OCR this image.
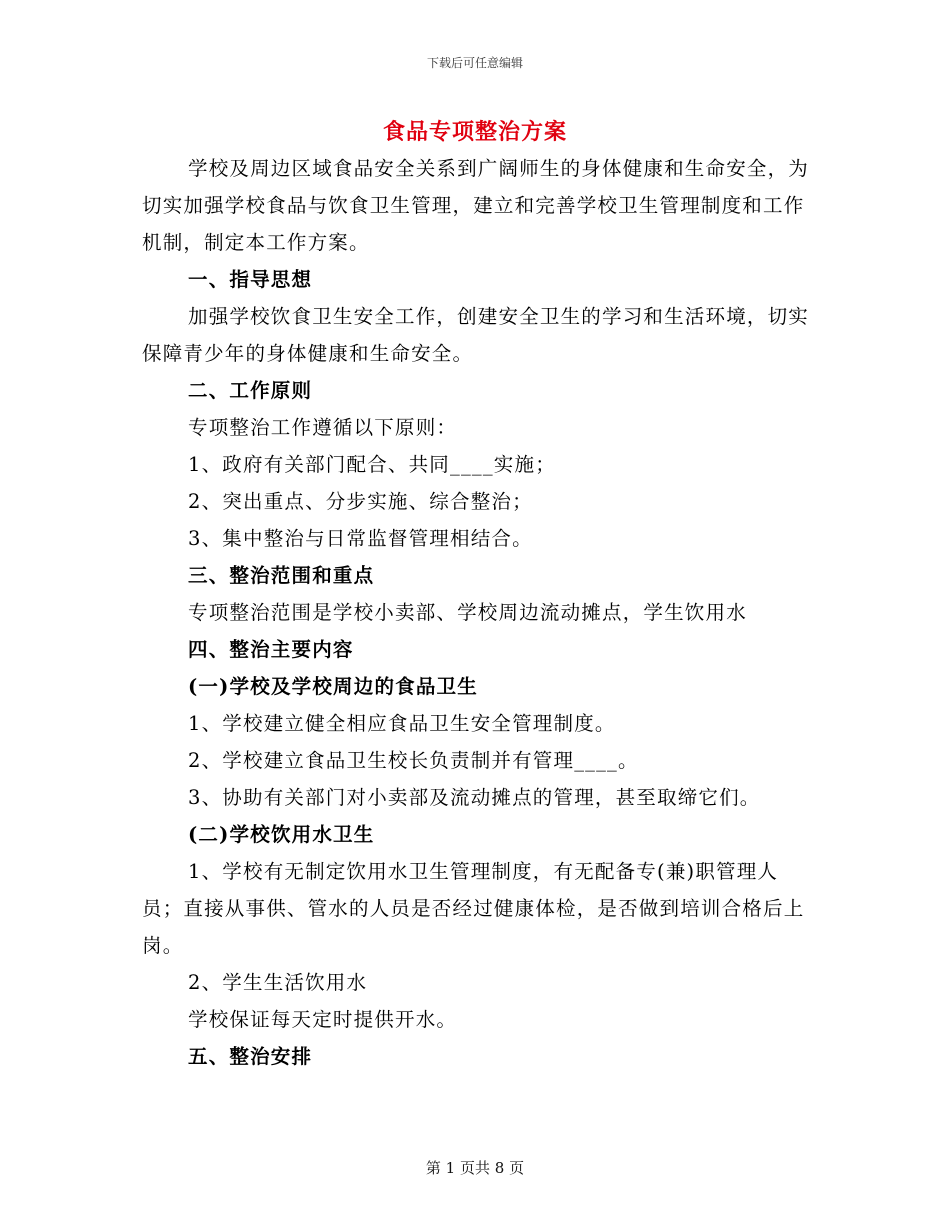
下载后可任意编辑
食品专项整治方案

学校及周边区域食品安全关系到广阔师生的身体健康和生命安全，为切实加强学校食品与饮食卫生管理，建立和完善学校卫生管理制度和工作机制，制定本工作方案。

一、指导思想

加强学校饮食卫生安全工作，创建安全卫生的学习和生活环境，切实保障青少年的身体健康和生命安全。

二、工作原则

专项整治工作遵循以下原则：

1、政府有关部门配合、共同____实施；

2、突出重点、分步实施、综合整治；

3、集中整治与日常监督管理相结合。

三、整治范围和重点

专项整治范围是学校小卖部、学校周边流动摊点，学生饮用水

四、整治主要内容

(一)学校及学校周边的食品卫生

1、学校建立健全相应食品卫生安全管理制度。

2、学校建立食品卫生校长负责制并有管理____。

3、协助有关部门对小卖部及流动摊点的管理，甚至取缔它们。

(二)学校饮用水卫生

1、学校有无制定饮用水卫生管理制度，有无配备专(兼)职管理人员；直接从事供、管水的人员是否经过健康体检，是否做到培训合格后上岗。

2、学生生活饮用水

学校保证每天定时提供开水。

五、整治安排

第 1 页共 8 页
